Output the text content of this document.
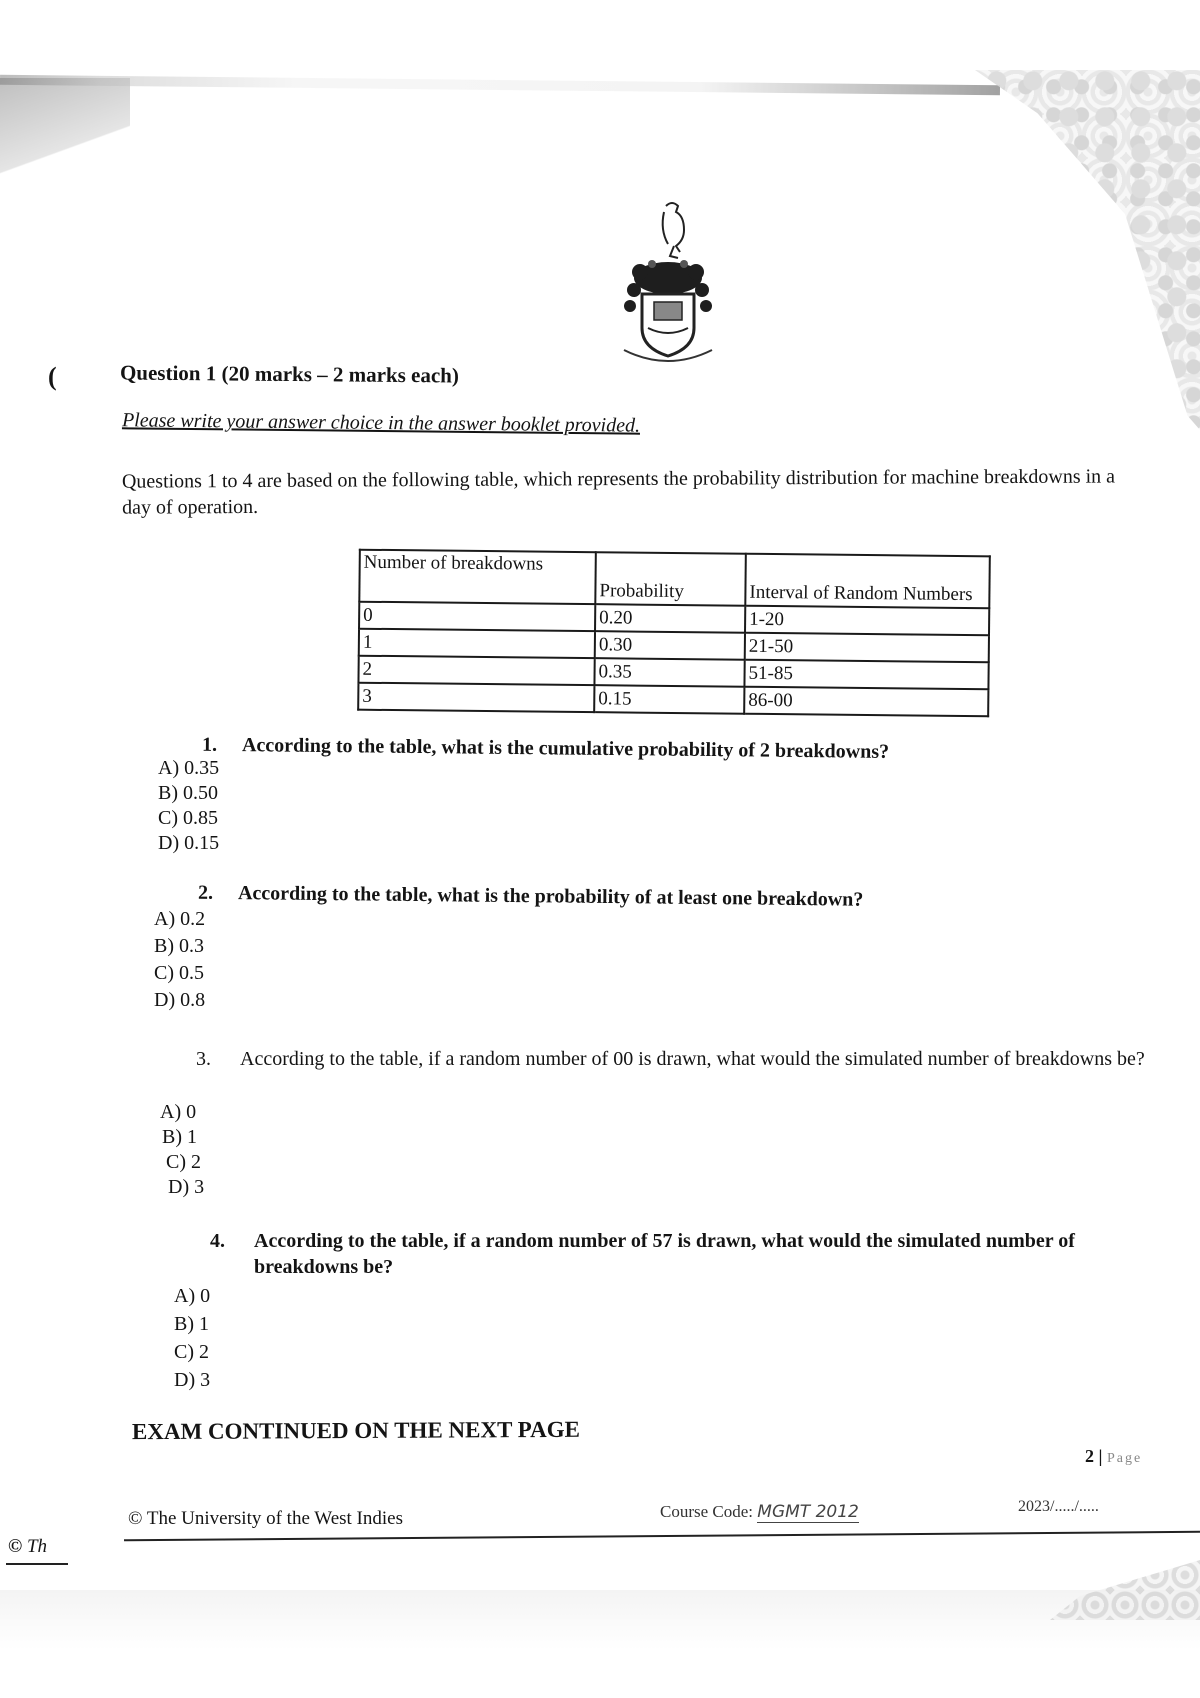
(	Question 1 (20 marks – 2 marks each)
Please write your answer choice in the answer booklet provided.
Questions 1 to 4 are based on the following table, which represents the probability distribution for machine breakdowns in a day of operation.
Number of breakdowns	Probability	Interval of Random Numbers
0	0.20	1-20
1	0.30	21-50
2	0.35	51-85
3	0.15	86-00
1. According to the table, what is the cumulative probability of 2 breakdowns?
A) 0.35
B) 0.50
C) 0.85
D) 0.15
2. According to the table, what is the probability of at least one breakdown?
A) 0.2
B) 0.3
C) 0.5
D) 0.8
3. According to the table, if a random number of 00 is drawn, what would the simulated number of breakdowns be?
A) 0
B) 1
C) 2
D) 3
4. According to the table, if a random number of 57 is drawn, what would the simulated number of breakdowns be?
A) 0
B) 1
C) 2
D) 3
EXAM CONTINUED ON THE NEXT PAGE
2 | Page
© The University of the West Indies	Course Code: MGMT 2012	2023/...../.....
© Th
